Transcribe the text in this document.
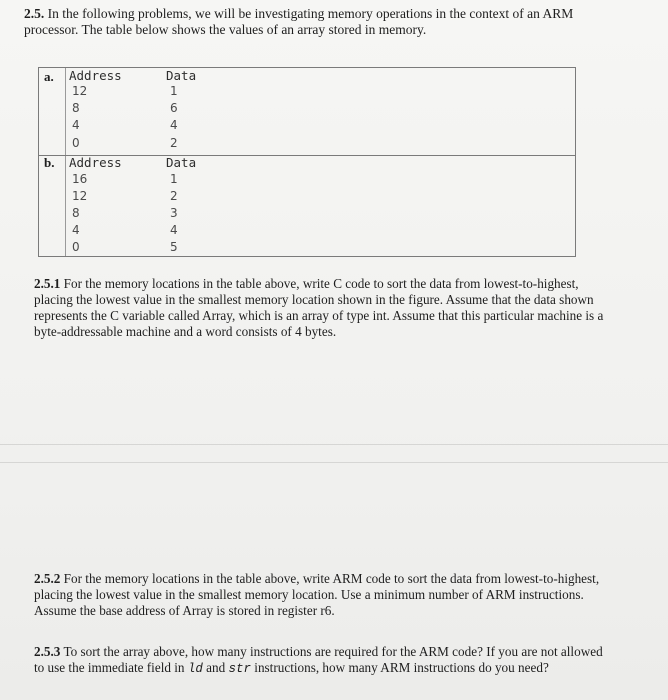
2.5. In the following problems, we will be investigating memory operations in the context of an ARM processor. The table below shows the values of an array stored in memory.
a. Address	Data
12	1
8	6
4	4
0	2
b. Address	Data
16	1
12	2
8	3
4	4
0	5
2.5.1 For the memory locations in the table above, write C code to sort the data from lowest-to-highest, placing the lowest value in the smallest memory location shown in the figure. Assume that the data shown represents the C variable called Array, which is an array of type int. Assume that this particular machine is a byte-addressable machine and a word consists of 4 bytes.
2.5.2 For the memory locations in the table above, write ARM code to sort the data from lowest-to-highest, placing the lowest value in the smallest memory location. Use a minimum number of ARM instructions. Assume the base address of Array is stored in register r6.
2.5.3 To sort the array above, how many instructions are required for the ARM code? If you are not allowed to use the immediate field in ld and str instructions, how many ARM instructions do you need?
